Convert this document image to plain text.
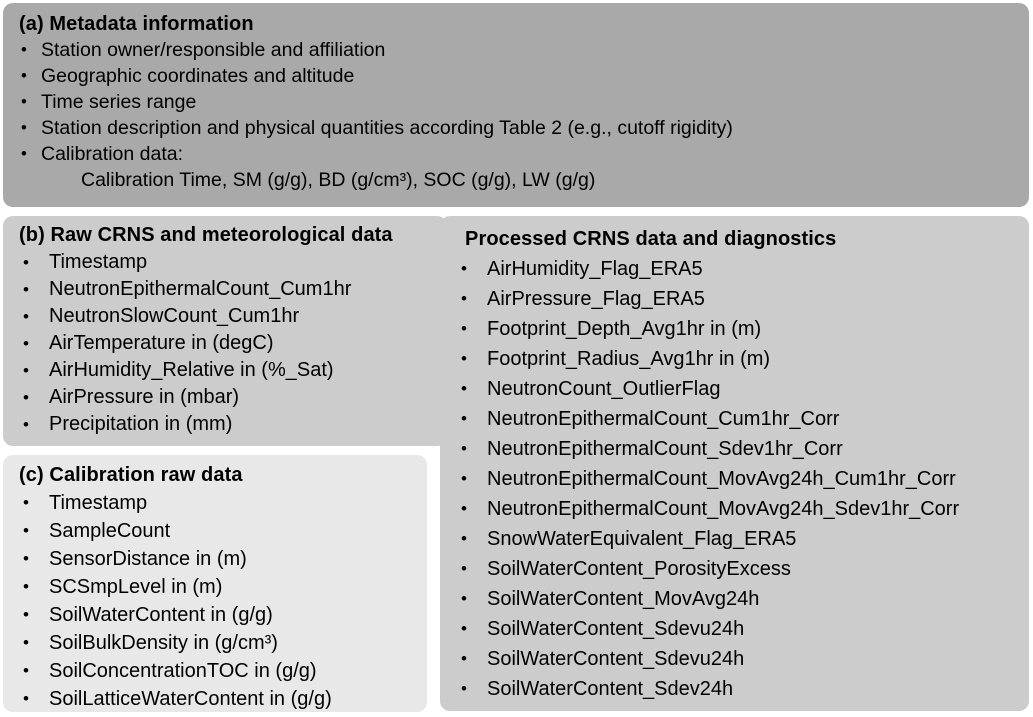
(a) Metadata information
• Station owner/responsible and affiliation
• Geographic coordinates and altitude
• Time series range
• Station description and physical quantities according Table 2 (e.g., cutoff rigidity)
• Calibration data:
Calibration Time, SM (g/g), BD (g/cm³), SOC (g/g), LW (g/g)
(b) Raw CRNS and meteorological data
• Timestamp
• NeutronEpithermalCount_Cum1hr
• NeutronSlowCount_Cum1hr
• AirTemperature in (degC)
• AirHumidity_Relative in (%_Sat)
• AirPressure in (mbar)
• Precipitation in (mm)
Processed CRNS data and diagnostics
• AirHumidity_Flag_ERA5
• AirPressure_Flag_ERA5
• Footprint_Depth_Avg1hr in (m)
• Footprint_Radius_Avg1hr in (m)
• NeutronCount_OutlierFlag
• NeutronEpithermalCount_Cum1hr_Corr
• NeutronEpithermalCount_Sdev1hr_Corr
• NeutronEpithermalCount_MovAvg24h_Cum1hr_Corr
• NeutronEpithermalCount_MovAvg24h_Sdev1hr_Corr
• SnowWaterEquivalent_Flag_ERA5
• SoilWaterContent_PorosityExcess
• SoilWaterContent_MovAvg24h
• SoilWaterContent_Sdevu24h
• SoilWaterContent_Sdevu24h
• SoilWaterContent_Sdev24h
(c) Calibration raw data
• Timestamp
• SampleCount
• SensorDistance in (m)
• SCSmpLevel in (m)
• SoilWaterContent in (g/g)
• SoilBulkDensity in (g/cm³)
• SoilConcentrationTOC in (g/g)
• SoilLatticeWaterContent in (g/g)
